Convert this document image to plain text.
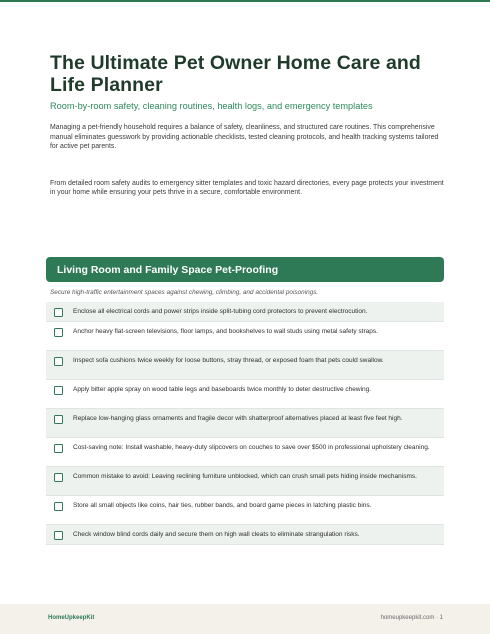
The Ultimate Pet Owner Home Care and Life Planner
Room-by-room safety, cleaning routines, health logs, and emergency templates
Managing a pet-friendly household requires a balance of safety, cleanliness, and structured care routines. This comprehensive manual eliminates guesswork by providing actionable checklists, tested cleaning protocols, and health tracking systems tailored for active pet parents.
From detailed room safety audits to emergency sitter templates and toxic hazard directories, every page protects your investment in your home while ensuring your pets thrive in a secure, comfortable environment.
Living Room and Family Space Pet-Proofing
Secure high-traffic entertainment spaces against chewing, climbing, and accidental poisonings.
Enclose all electrical cords and power strips inside split-tubing cord protectors to prevent electrocution.
Anchor heavy flat-screen televisions, floor lamps, and bookshelves to wall studs using metal safety straps.
Inspect sofa cushions twice weekly for loose buttons, stray thread, or exposed foam that pets could swallow.
Apply bitter apple spray on wood table legs and baseboards twice monthly to deter destructive chewing.
Replace low-hanging glass ornaments and fragile decor with shatterproof alternatives placed at least five feet high.
Cost-saving note: Install washable, heavy-duty slipcovers on couches to save over $500 in professional upholstery cleaning.
Common mistake to avoid: Leaving reclining furniture unblocked, which can crush small pets hiding inside mechanisms.
Store all small objects like coins, hair ties, rubber bands, and board game pieces in latching plastic bins.
Check window blind cords daily and secure them on high wall cleats to eliminate strangulation risks.
HomeUpkeepKit	homeupkeepkit.com · 1
